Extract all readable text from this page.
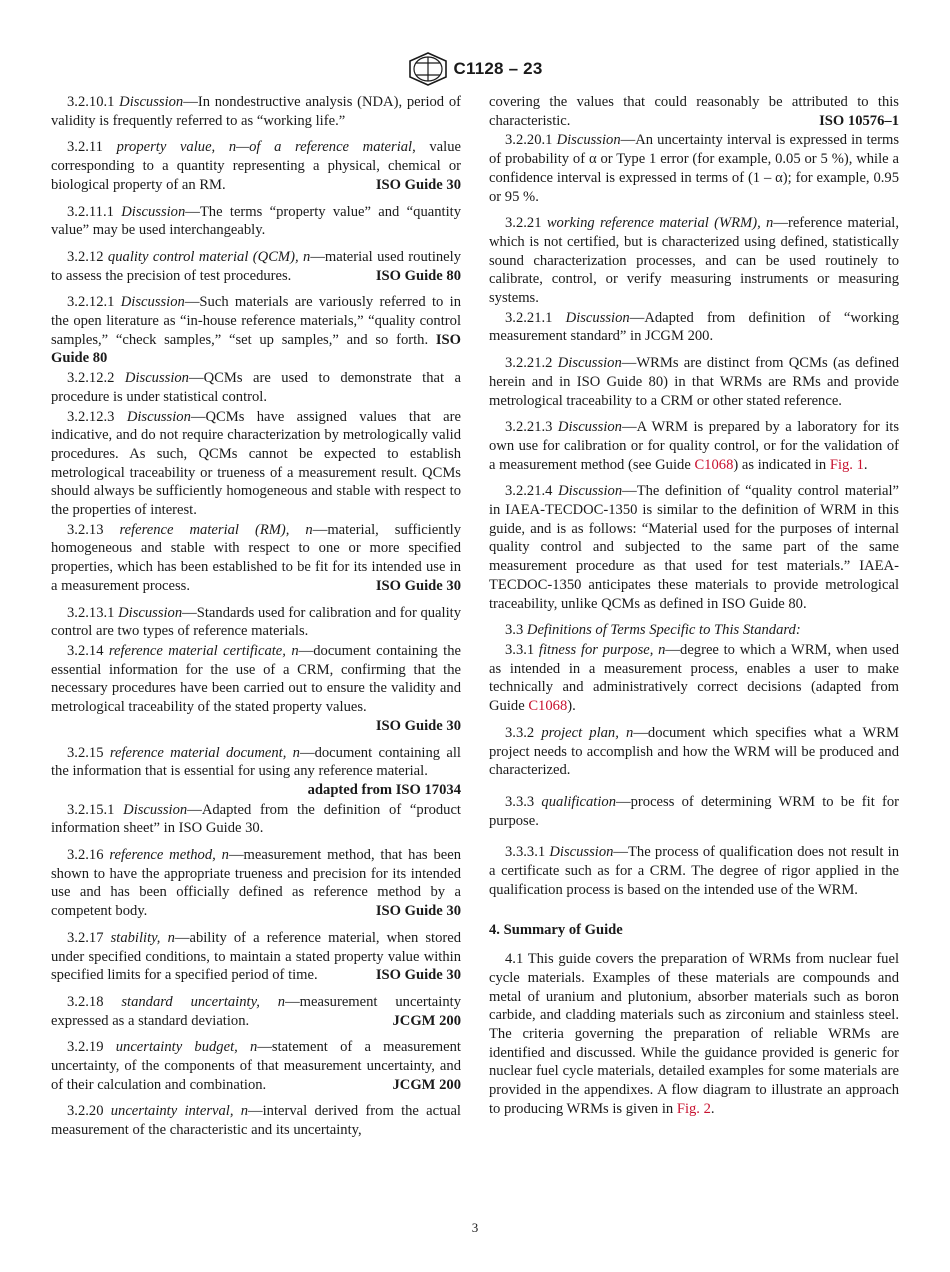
C1128 – 23

3.2.10.1 Discussion—In nondestructive analysis (NDA), period of validity is frequently referred to as “working life.”

3.2.11 property value, n—of a reference material, value corresponding to a quantity representing a physical, chemical or biological property of an RM.	ISO Guide 30

3.2.11.1 Discussion—The terms “property value” and “quantity value” may be used interchangeably.

3.2.12 quality control material (QCM), n—material used routinely to assess the precision of test procedures.	ISO Guide 80

3.2.12.1 Discussion—Such materials are variously referred to in the open literature as “in-house reference materials,” “quality control samples,” “check samples,” “set up samples,” and so forth. ISO Guide 80

3.2.12.2 Discussion—QCMs are used to demonstrate that a procedure is under statistical control.

3.2.12.3 Discussion—QCMs have assigned values that are indicative, and do not require characterization by metrologically valid procedures. As such, QCMs cannot be expected to establish metrological traceability or trueness of a measurement result. QCMs should always be sufficiently homogeneous and stable with respect to the properties of interest.

3.2.13 reference material (RM), n—material, sufficiently homogeneous and stable with respect to one or more specified properties, which has been established to be fit for its intended use in a measurement process.	ISO Guide 30

3.2.13.1 Discussion—Standards used for calibration and for quality control are two types of reference materials.

3.2.14 reference material certificate, n—document containing the essential information for the use of a CRM, confirming that the necessary procedures have been carried out to ensure the validity and metrological traceability of the stated property values.
ISO Guide 30

3.2.15 reference material document, n—document containing all the information that is essential for using any reference material.
adapted from ISO 17034

3.2.15.1 Discussion—Adapted from the definition of “product information sheet” in ISO Guide 30.

3.2.16 reference method, n—measurement method, that has been shown to have the appropriate trueness and precision for its intended use and has been officially defined as reference method by a competent body.	ISO Guide 30

3.2.17 stability, n—ability of a reference material, when stored under specified conditions, to maintain a stated property value within specified limits for a specified period of time.	ISO Guide 30

3.2.18 standard uncertainty, n—measurement uncertainty expressed as a standard deviation.	JCGM 200

3.2.19 uncertainty budget, n—statement of a measurement uncertainty, of the components of that measurement uncertainty, and of their calculation and combination.	JCGM 200

3.2.20 uncertainty interval, n—interval derived from the actual measurement of the characteristic and its uncertainty,

covering the values that could reasonably be attributed to this characteristic.	ISO 10576–1

3.2.20.1 Discussion—An uncertainty interval is expressed in terms of probability of α or Type 1 error (for example, 0.05 or 5 %), while a confidence interval is expressed in terms of (1 – α); for example, 0.95 or 95 %.

3.2.21 working reference material (WRM), n—reference material, which is not certified, but is characterized using defined, statistically sound characterization processes, and can be used routinely to calibrate, control, or verify measuring instruments or measuring systems.

3.2.21.1 Discussion—Adapted from definition of “working measurement standard” in JCGM 200.

3.2.21.2 Discussion—WRMs are distinct from QCMs (as defined herein and in ISO Guide 80) in that WRMs are RMs and provide metrological traceability to a CRM or other stated reference.

3.2.21.3 Discussion—A WRM is prepared by a laboratory for its own use for calibration or for quality control, or for the validation of a measurement method (see Guide C1068) as indicated in Fig. 1.

3.2.21.4 Discussion—The definition of “quality control material” in IAEA-TECDOC-1350 is similar to the definition of WRM in this guide, and is as follows: “Material used for the purposes of internal quality control and subjected to the same part of the same measurement procedure as that used for test materials.” IAEA-TECDOC-1350 anticipates these materials to provide metrological traceability, unlike QCMs as defined in ISO Guide 80.

3.3 Definitions of Terms Specific to This Standard:

3.3.1 fitness for purpose, n—degree to which a WRM, when used as intended in a measurement process, enables a user to make technically and administratively correct decisions (adapted from Guide C1068).

3.3.2 project plan, n—document which specifies what a WRM project needs to accomplish and how the WRM will be produced and characterized.

3.3.3 qualification—process of determining WRM to be fit for purpose.

3.3.3.1 Discussion—The process of qualification does not result in a certificate such as for a CRM. The degree of rigor applied in the qualification process is based on the intended use of the WRM.

4. Summary of Guide

4.1 This guide covers the preparation of WRMs from nuclear fuel cycle materials. Examples of these materials are compounds and metal of uranium and plutonium, absorber materials such as boron carbide, and cladding materials such as zirconium and stainless steel. The criteria governing the preparation of reliable WRMs are identified and discussed. While the guidance provided is generic for nuclear fuel cycle materials, detailed examples for some materials are provided in the appendixes. A flow diagram to illustrate an approach to producing WRMs is given in Fig. 2.

3
